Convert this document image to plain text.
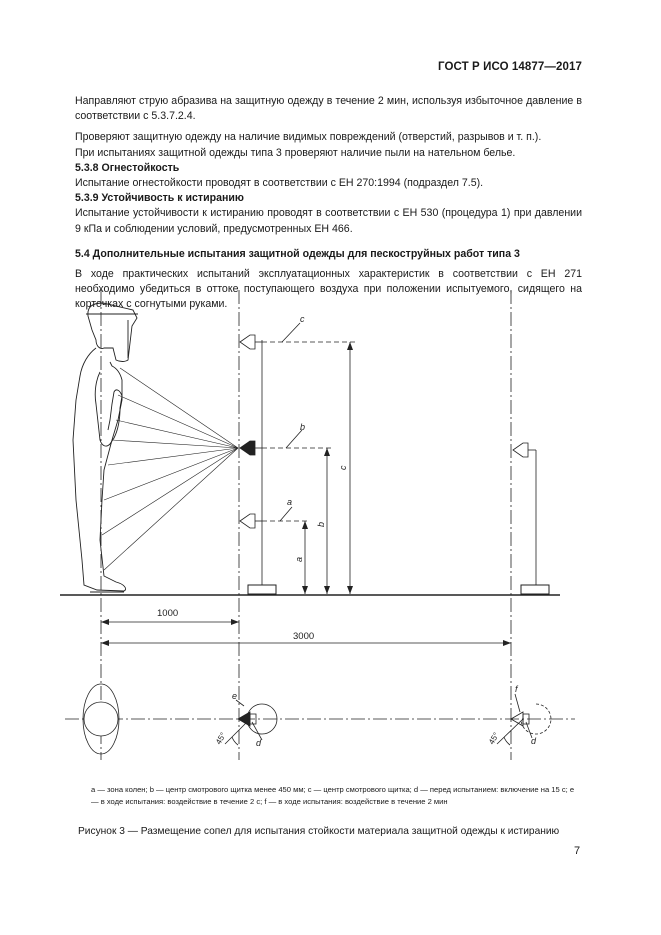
ГОСТ Р ИСО 14877—2017

Направляют струю абразива на защитную одежду в течение 2 мин, используя избыточное давление в соответствии с 5.3.7.2.4.

Проверяют защитную одежду на наличие видимых повреждений (отверстий, разрывов и т. п.).

При испытаниях защитной одежды типа 3 проверяют наличие пыли на нательном белье.

5.3.8 Огнестойкость

Испытание огнестойкости проводят в соответствии с ЕН 270:1994 (подраздел 7.5).

5.3.9 Устойчивость к истиранию

Испытание устойчивости к истиранию проводят в соответствии с ЕН 530 (процедура 1) при давлении 9 кПа и соблюдении условий, предусмотренных ЕН 466.

5.4 Дополнительные испытания защитной одежды для пескоструйных работ типа 3

В ходе практических испытаний эксплуатационных характеристик в соответствии с ЕН 271 необходимо убедиться в оттоке поступающего воздуха при положении испытуемого, сидящего на корточках с согнутыми руками.

c
b
a
a
b
c
e
d
f
d
1000
3000
45°	45°
a — зона колен; b — центр смотрового щитка менее 450 мм; c — центр смотрового щитка; d — перед испытанием: включение на 15 с; e — в ходе испытания: воздействие в течение 2 с; f — в ходе испытания: воздействие в течение 2 мин
Рисунок 3 — Размещение сопел для испытания стойкости материала защитной одежды к истиранию
7
